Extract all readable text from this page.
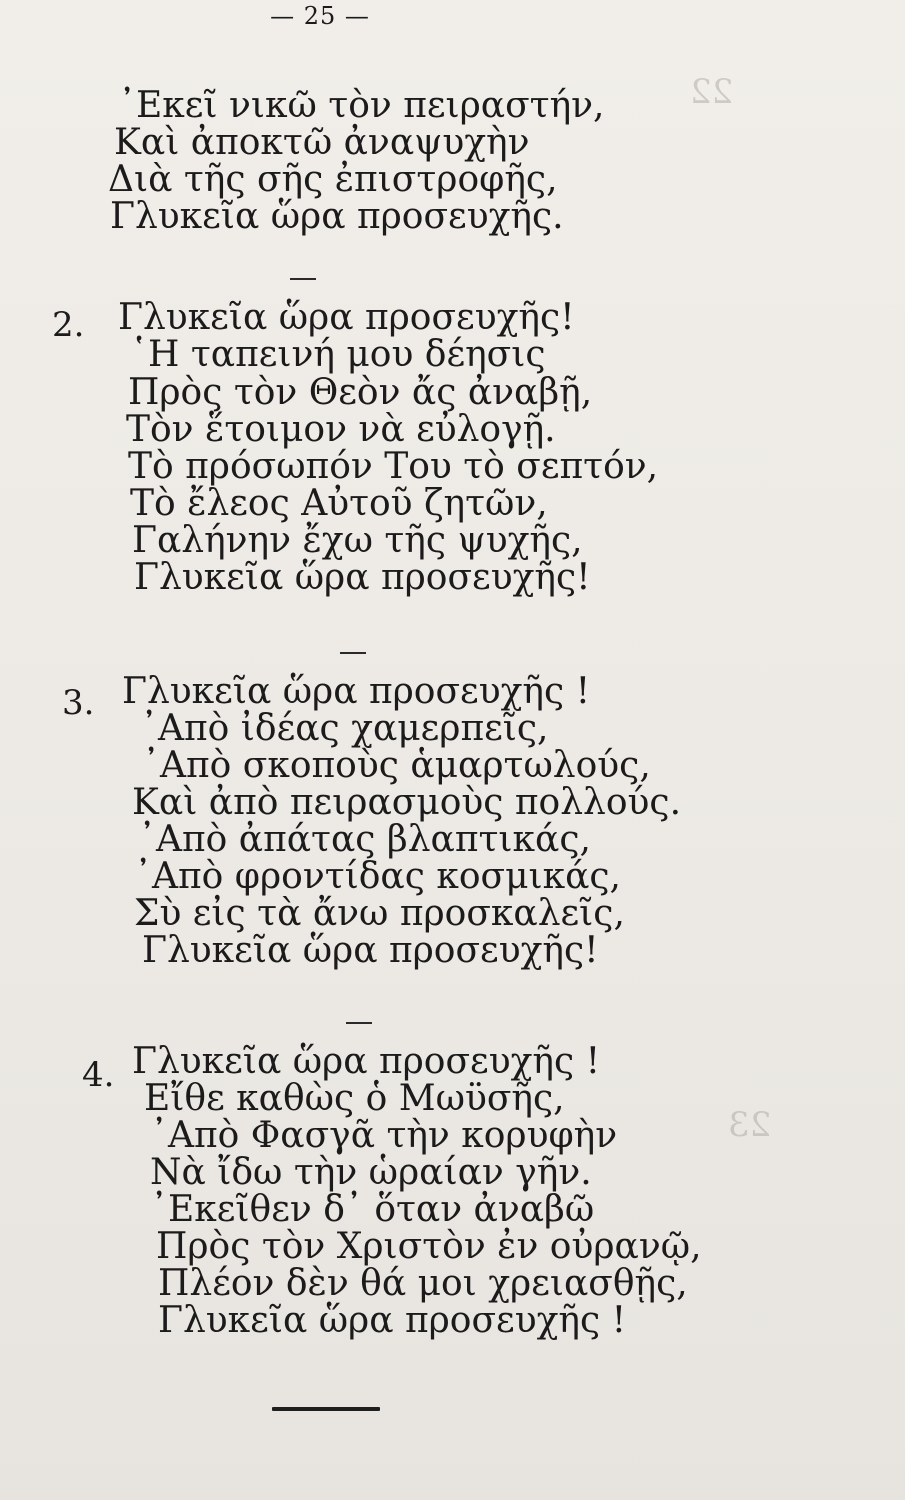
22
23
— 25 —
᾿Εκεῖ νικῶ τὸν πειραστήν,
Καὶ ἀποκτῶ ἀναψυχὴν
Διὰ τῆς σῆς ἐπιστροφῆς,
Γλυκεῖα ὥρα προσευχῆς.
2. Γλυκεῖα ὥρα προσευχῆς!
῾Η ταπεινή μου δέησις
Πρὸς τὸν Θεὸν ἄς ἀναβῇ,
Τὸν ἕτοιμον νὰ εὐλογῇ.
Τὸ πρόσωπόν Του τὸ σεπτόν,
Τὸ ἔλεος Αὐτοῦ ζητῶν,
Γαλήνην ἔχω τῆς ψυχῆς,
Γλυκεῖα ὥρα προσευχῆς!
3. Γλυκεῖα ὥρα προσευχῆς !
᾿Απὸ ἰδέας χαμερπεῖς,
᾿Απὸ σκοποὺς ἁμαρτωλούς,
Καὶ ἀπὸ πειρασμοὺς πολλούς.
᾿Απὸ ἀπάτας βλαπτικάς,
᾿Απὸ φροντίδας κοσμικάς,
Σὺ εἰς τὰ ἄνω προσκαλεῖς,
Γλυκεῖα ὥρα προσευχῆς!
4. Γλυκεῖα ὥρα προσευχῆς !
Εἴθε καθὼς ὁ Μωϋσῆς,
᾿Απὸ Φασγᾶ τὴν κορυφὴν
Νὰ ἴδω τὴν ὡραίαν γῆν.
᾿Εκεῖθεν δ᾿ ὅταν ἀναβῶ
Πρὸς τὸν Χριστὸν ἐν οὐρανῷ,
Πλέον δὲν θά μοι χρειασθῇς,
Γλυκεῖα ὥρα προσευχῆς !
